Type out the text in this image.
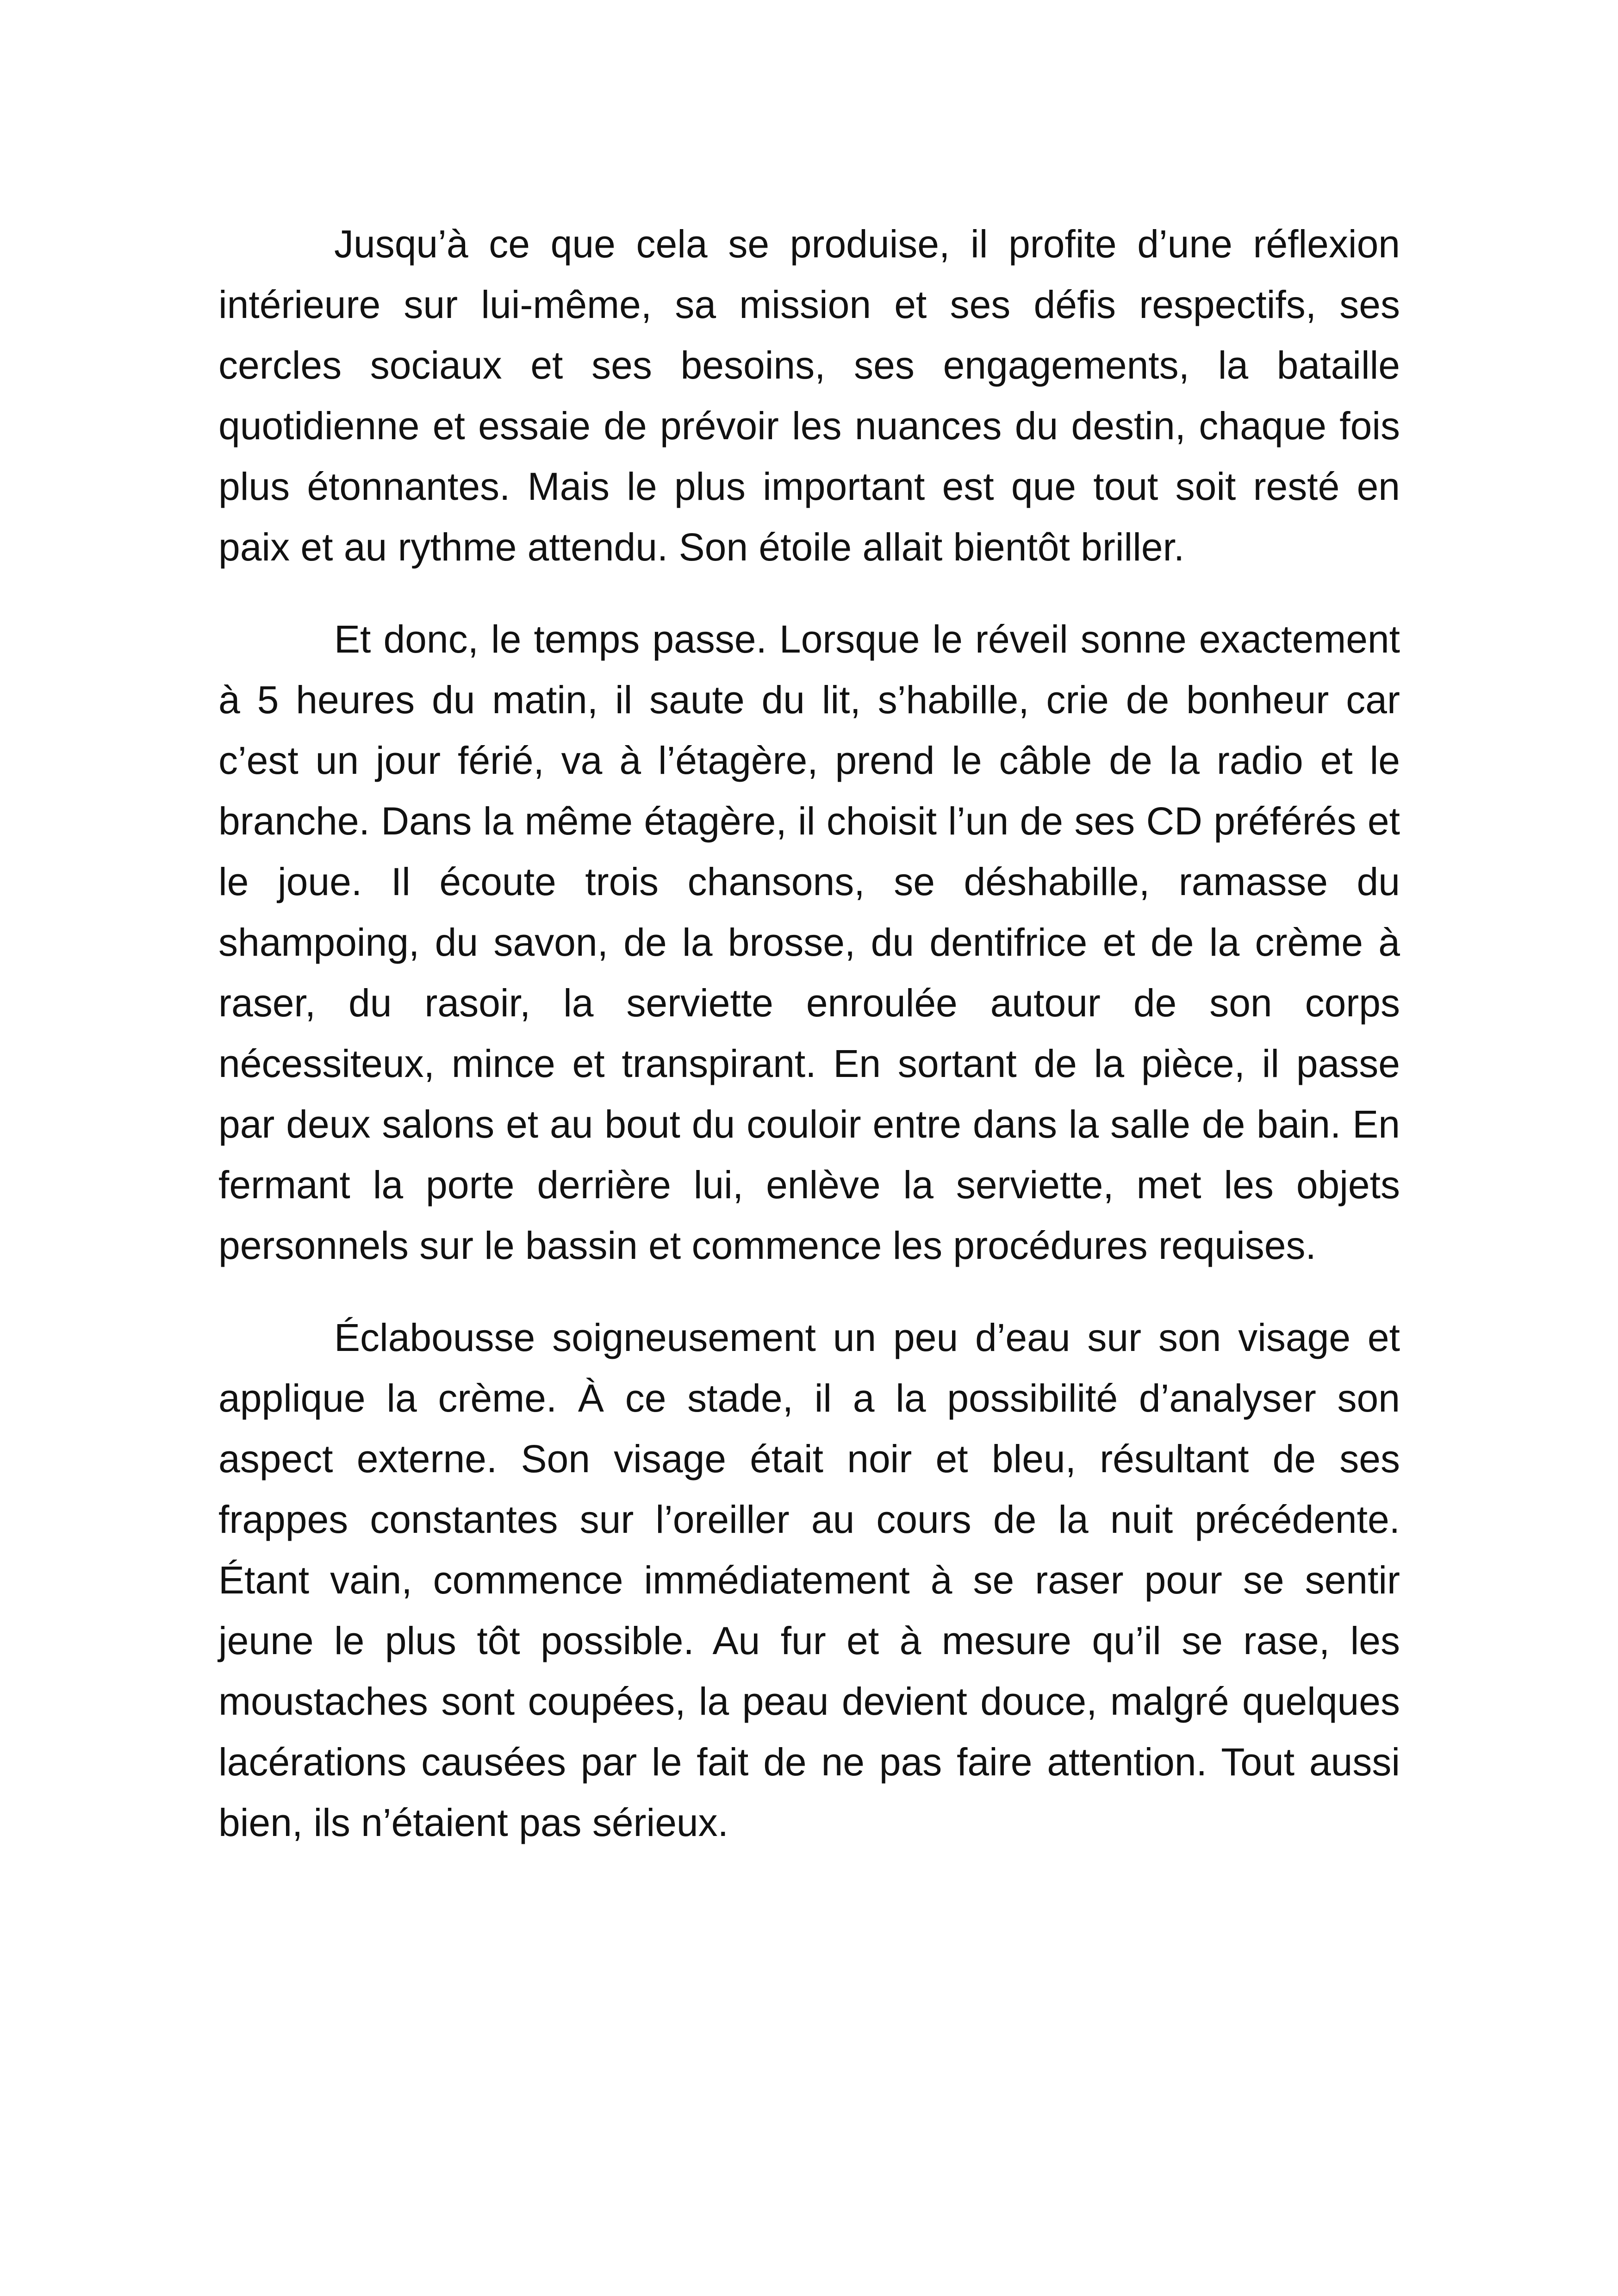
Jusqu’à ce que cela se produise, il profite d’une réflexion intérieure sur lui-même, sa mission et ses défis respectifs, ses cercles sociaux et ses besoins, ses engagements, la bataille quotidienne et essaie de prévoir les nuances du destin, chaque fois plus étonnantes. Mais le plus important est que tout soit resté en paix et au rythme attendu. Son étoile allait bientôt briller.

Et donc, le temps passe. Lorsque le réveil sonne exactement à 5 heures du matin, il saute du lit, s’habille, crie de bonheur car c’est un jour férié, va à l’étagère, prend le câble de la radio et le branche. Dans la même étagère, il choisit l’un de ses CD préférés et le joue. Il écoute trois chansons, se déshabille, ramasse du shampoing, du savon, de la brosse, du dentifrice et de la crème à raser, du rasoir, la serviette enroulée autour de son corps nécessiteux, mince et transpirant. En sortant de la pièce, il passe par deux salons et au bout du couloir entre dans la salle de bain. En fermant la porte derrière lui, enlève la serviette, met les objets personnels sur le bassin et commence les procédures requises.

Éclabousse soigneusement un peu d’eau sur son visage et applique la crème. À ce stade, il a la possibilité d’analyser son aspect externe. Son visage était noir et bleu, résultant de ses frappes constantes sur l’oreiller au cours de la nuit précédente. Étant vain, commence immédiatement à se raser pour se sentir jeune le plus tôt possible. Au fur et à mesure qu’il se rase, les moustaches sont coupées, la peau devient douce, malgré quelques lacérations causées par le fait de ne pas faire attention. Tout aussi bien, ils n’étaient pas sérieux.
